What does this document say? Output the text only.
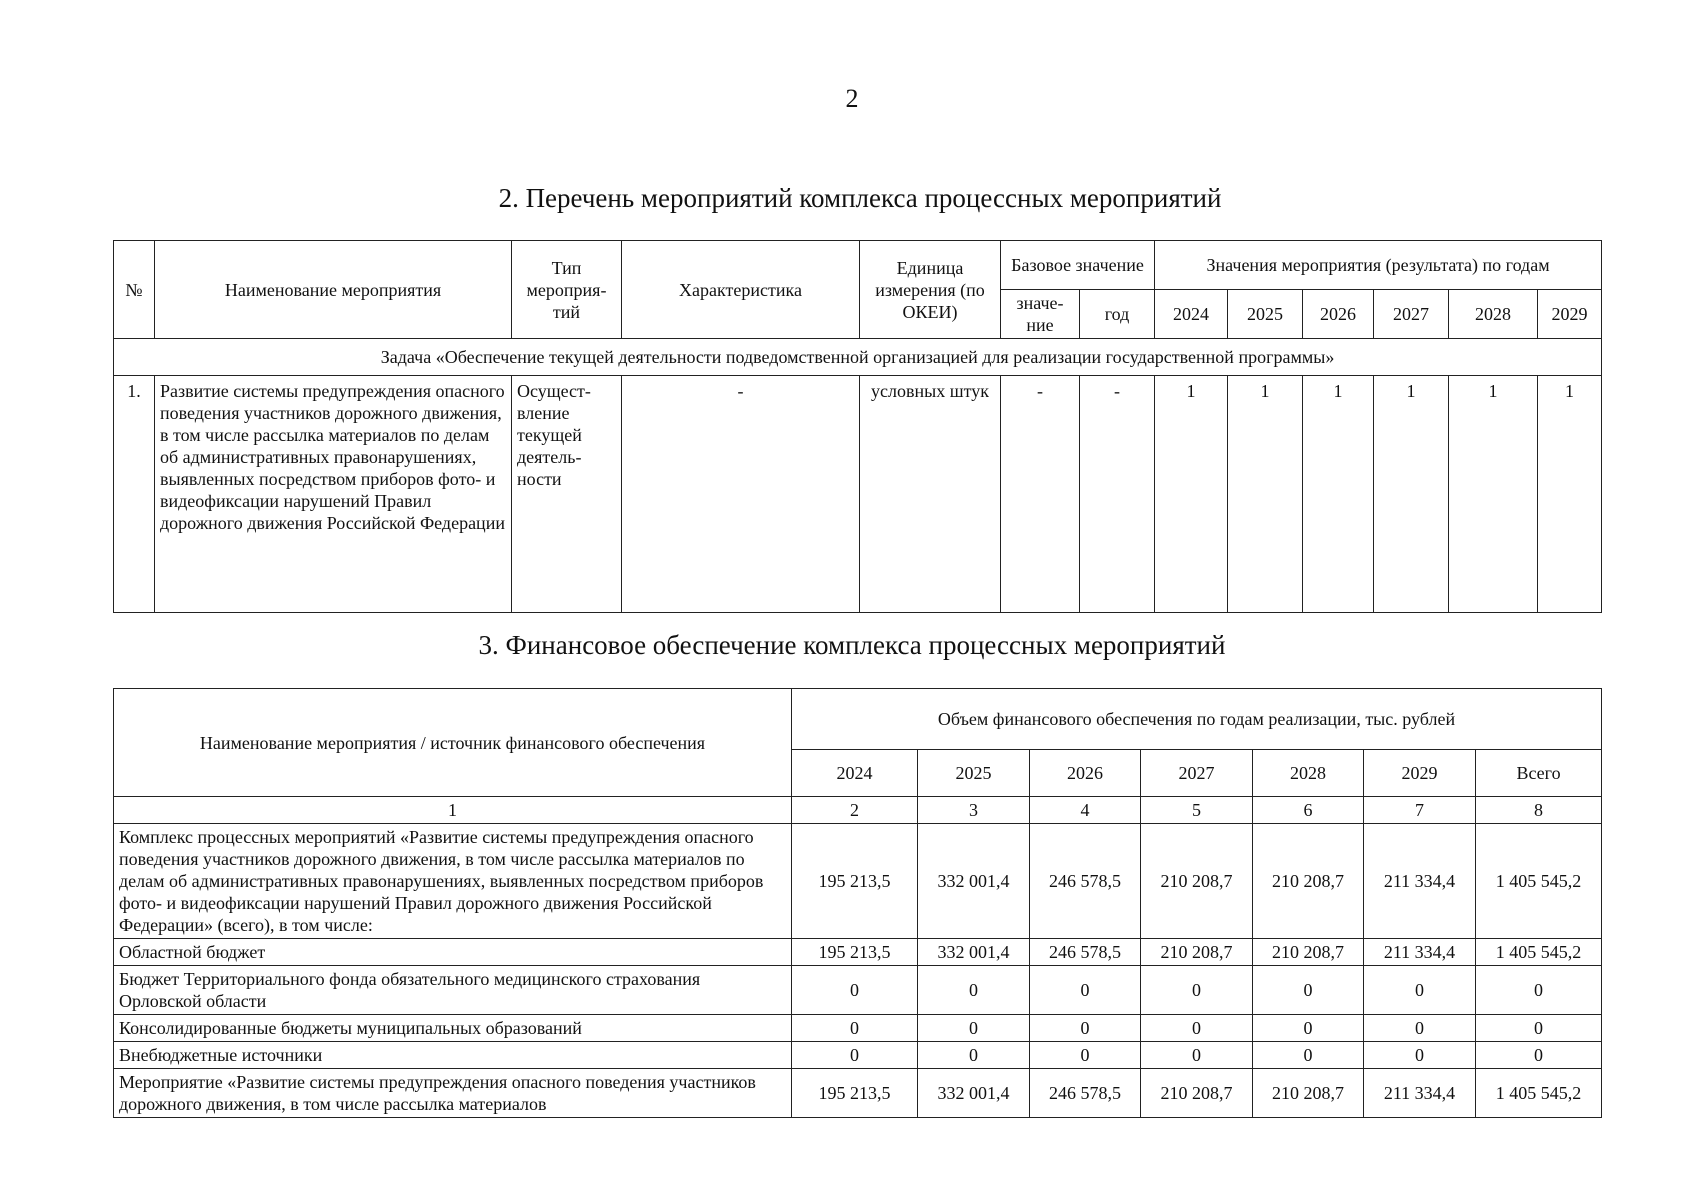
2
2. Перечень мероприятий комплекса процессных мероприятий
№	Наименование мероприятия	Тип мероприя-тий	Характеристика	Единица измерения (по ОКЕИ)	Базовое значение		Значения мероприятия (результата) по годам					
					значе-ние	год	2024	2025	2026	2027	2028	2029
Задача «Обеспечение текущей деятельности подведомственной организацией для реализации государственной программы»												
1.	Развитие системы предупреждения опасного поведения участников дорожного движения, в том числе рассылка материалов по делам об административных правонарушениях, выявленных посредством приборов фото- и видеофиксации нарушений Правил дорожного движения Российской Федерации	Осущест-вление текущей деятель-ности	-	условных штук	-	-	1	1	1	1	1	1
3. Финансовое обеспечение комплекса процессных мероприятий
Наименование мероприятия / источник финансового обеспечения	Объем финансового обеспечения по годам реализации, тыс. рублей						
	2024	2025	2026	2027	2028	2029	Всего
1	2	3	4	5	6	7	8
Комплекс процессных мероприятий «Развитие системы предупреждения опасного поведения участников дорожного движения, в том числе рассылка материалов по делам об административных правонарушениях, выявленных посредством приборов фото- и видеофиксации нарушений Правил дорожного движения Российской Федерации» (всего), в том числе:	195 213,5	332 001,4	246 578,5	210 208,7	210 208,7	211 334,4	1 405 545,2
Областной бюджет	195 213,5	332 001,4	246 578,5	210 208,7	210 208,7	211 334,4	1 405 545,2
Бюджет Территориального фонда обязательного медицинского страхования Орловской области	0	0	0	0	0	0	0
Консолидированные бюджеты муниципальных образований	0	0	0	0	0	0	0
Внебюджетные источники	0	0	0	0	0	0	0
Мероприятие «Развитие системы предупреждения опасного поведения участников дорожного движения, в том числе рассылка материалов	195 213,5	332 001,4	246 578,5	210 208,7	210 208,7	211 334,4	1 405 545,2
